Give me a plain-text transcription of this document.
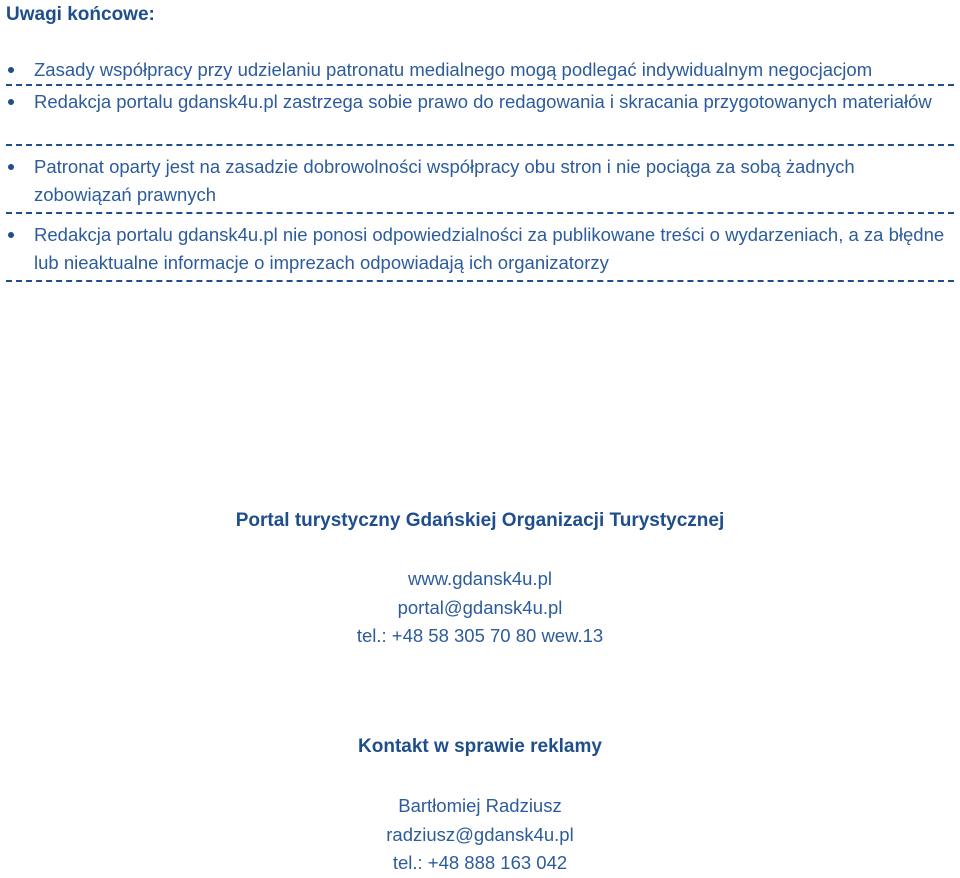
Uwagi końcowe:
Zasady współpracy przy udzielaniu patronatu medialnego mogą podlegać indywidualnym negocjacjom
Redakcja portalu gdansk4u.pl zastrzega sobie prawo do redagowania i skracania przygotowanych materiałów
Patronat oparty jest na zasadzie dobrowolności współpracy obu stron i nie pociąga za sobą żadnych zobowiązań prawnych
Redakcja portalu gdansk4u.pl nie ponosi odpowiedzialności za publikowane treści o wydarzeniach, a za błędne lub nieaktualne informacje o imprezach odpowiadają ich organizatorzy
Portal turystyczny Gdańskiej Organizacji Turystycznej
www.gdansk4u.pl
portal@gdansk4u.pl
tel.: +48 58 305 70 80 wew.13
Kontakt w sprawie reklamy
Bartłomiej Radziusz
radziusz@gdansk4u.pl
tel.: +48 888 163 042
